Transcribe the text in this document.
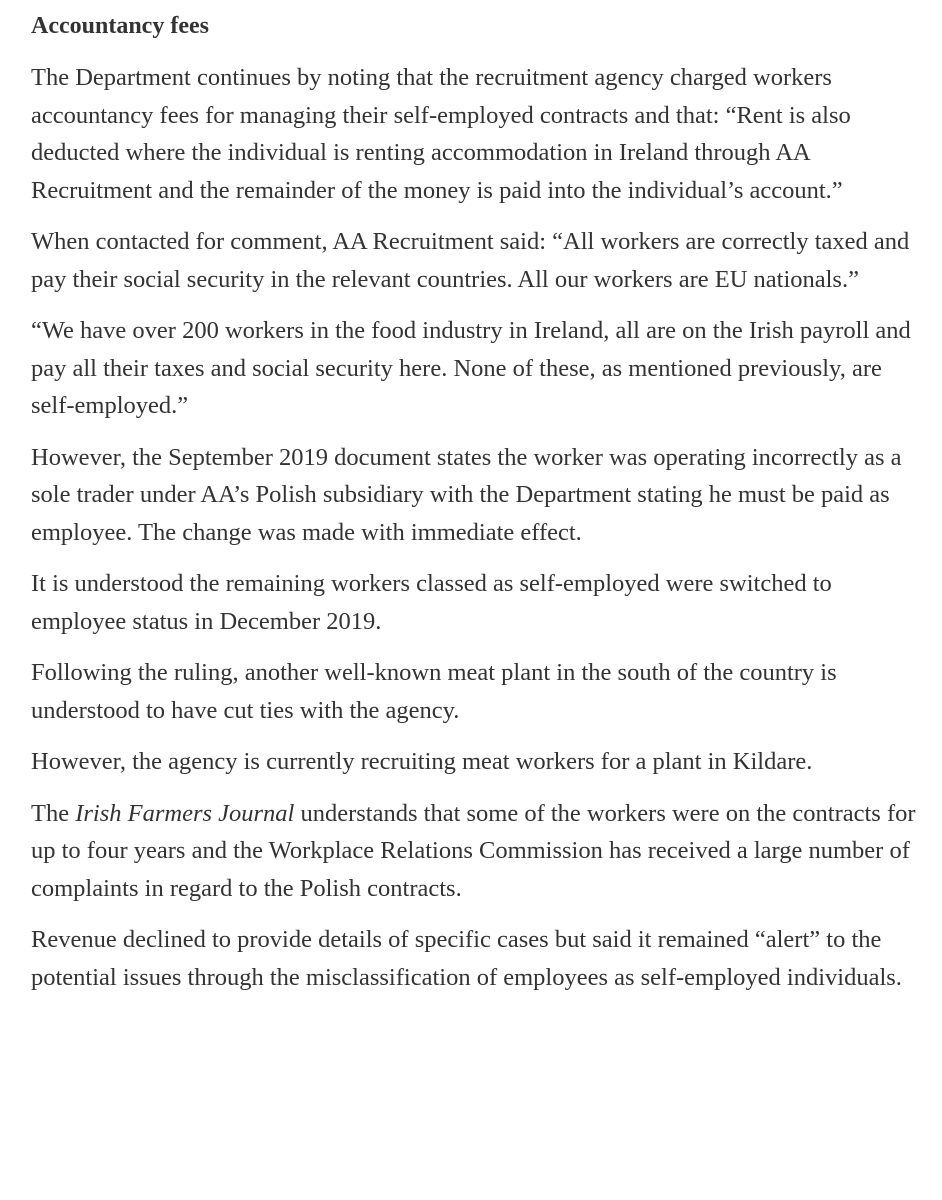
Accountancy fees

The Department continues by noting that the recruitment agency charged workers accountancy fees for managing their self-employed contracts and that: “Rent is also deducted where the individual is renting accommodation in Ireland through AA Recruitment and the remainder of the money is paid into the individual’s account.”

When contacted for comment, AA Recruitment said: “All workers are correctly taxed and pay their social security in the relevant countries. All our workers are EU nationals.”

“We have over 200 workers in the food industry in Ireland, all are on the Irish payroll and pay all their taxes and social security here. None of these, as mentioned previously, are self-employed.”

However, the September 2019 document states the worker was operating incorrectly as a sole trader under AA’s Polish subsidiary with the Department stating he must be paid as employee. The change was made with immediate effect.

It is understood the remaining workers classed as self-employed were switched to employee status in December 2019.

Following the ruling, another well-known meat plant in the south of the country is understood to have cut ties with the agency.

However, the agency is currently recruiting meat workers for a plant in Kildare.

The Irish Farmers Journal understands that some of the workers were on the contracts for up to four years and the Workplace Relations Commission has received a large number of complaints in regard to the Polish contracts.

Revenue declined to provide details of specific cases but said it remained “alert” to the potential issues through the misclassification of employees as self-employed individuals.
